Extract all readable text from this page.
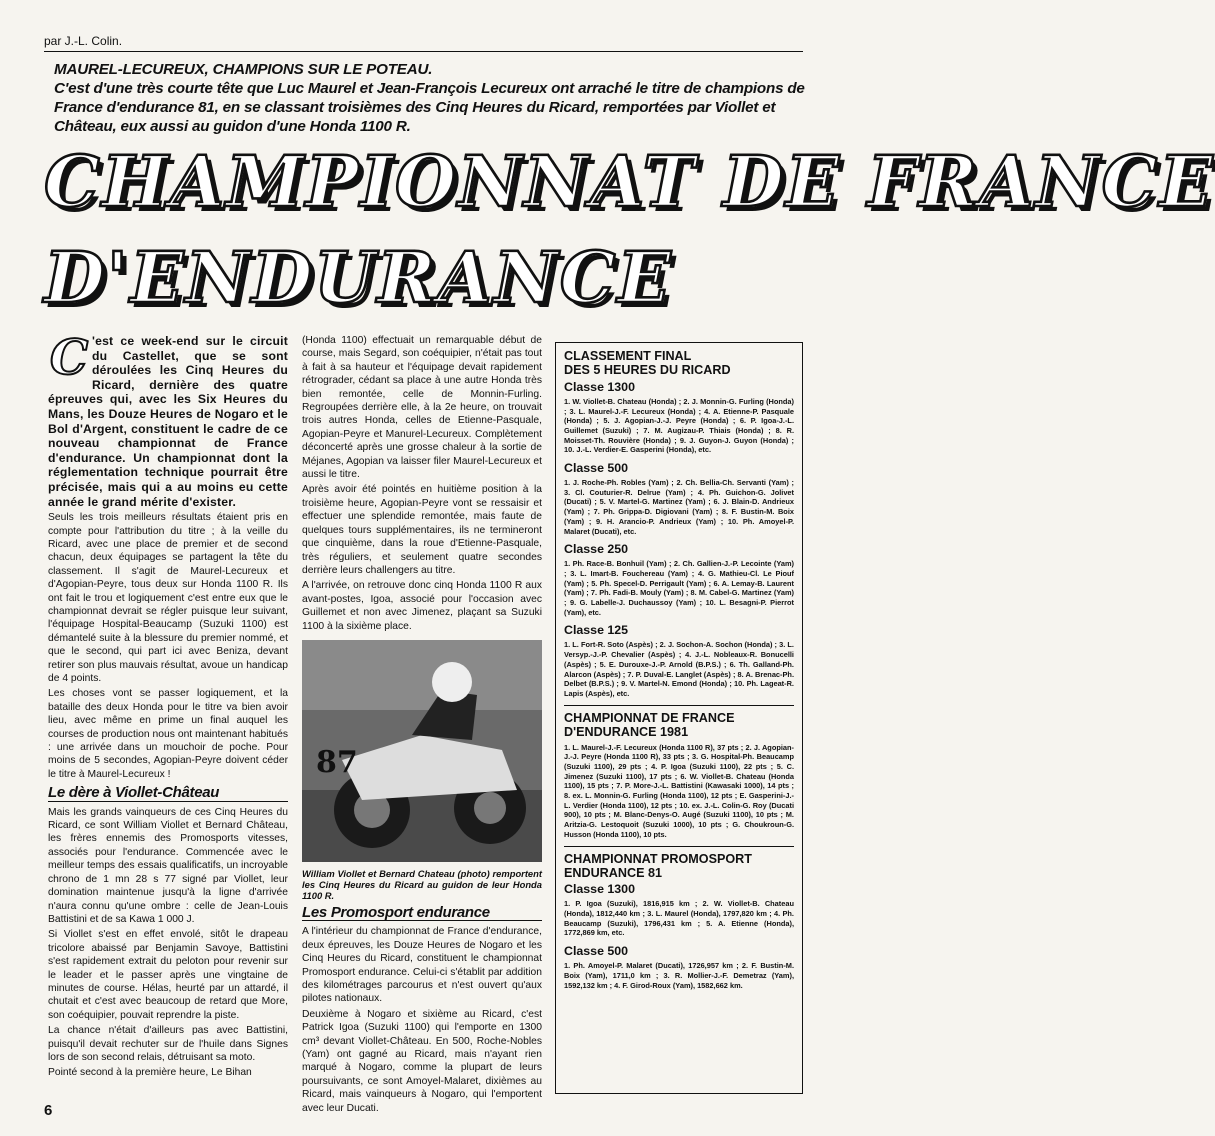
par J.-L. Colin.
MAUREL-LECUREUX, CHAMPIONS SUR LE POTEAU.
C'est d'une très courte tête que Luc Maurel et Jean-François Lecureux ont arraché le titre de champions de France d'endurance 81, en se classant troisièmes des Cinq Heures du Ricard, remportées par Viollet et Château, eux aussi au guidon d'une Honda 1100 R.
CHAMPIONNAT DE FRANCE
D'ENDURANCE
C 'est ce week-end sur le circuit du Castellet, que se sont déroulées les Cinq Heures du Ricard, dernière des quatre épreuves qui, avec les Six Heures du Mans, les Douze Heures de Nogaro et le Bol d'Argent, constituent le cadre de ce nouveau championnat de France d'endurance. Un championnat dont la réglementation technique pourrait être précisée, mais qui a au moins eu cette année le grand mérite d'exister.

Seuls les trois meilleurs résultats étaient pris en compte pour l'attribution du titre ; à la veille du Ricard, avec une place de premier et de second chacun, deux équipages se partagent la tête du classement. Il s'agit de Maurel-Lecureux et d'Agopian-Peyre, tous deux sur Honda 1100 R. Ils ont fait le trou et logiquement c'est entre eux que le championnat devrait se régler puisque leur suivant, l'équipage Hospital-Beaucamp (Suzuki 1100) est démantelé suite à la blessure du premier nommé, et que le second, qui part ici avec Beniza, devant retirer son plus mauvais résultat, avoue un handicap de 4 points.

Les choses vont se passer logiquement, et la bataille des deux Honda pour le titre va bien avoir lieu, avec même en prime un final auquel les courses de production nous ont maintenant habitués : une arrivée dans un mouchoir de poche. Pour moins de 5 secondes, Agopian-Peyre doivent céder le titre à Maurel-Lecureux !

Le dère à Viollet-Château

Mais les grands vainqueurs de ces Cinq Heures du Ricard, ce sont William Viollet et Bernard Château, les frères ennemis des Promosports vitesses, associés pour l'endurance. Commencée avec le meilleur temps des essais qualificatifs, un incroyable chrono de 1 mn 28 s 77 signé par Viollet, leur domination maintenue jusqu'à la ligne d'arrivée n'aura connu qu'une ombre : celle de Jean-Louis Battistini et de sa Kawa 1 000 J.

Si Viollet s'est en effet envolé, sitôt le drapeau tricolore abaissé par Benjamin Savoye, Battistini s'est rapidement extrait du peloton pour revenir sur le leader et le passer après une vingtaine de minutes de course. Hélas, heurté par un attardé, il chutait et c'est avec beaucoup de retard que More, son coéquipier, pouvait reprendre la piste.

La chance n'était d'ailleurs pas avec Battistini, puisqu'il devait rechuter sur de l'huile dans Signes lors de son second relais, détruisant sa moto.

Pointé second à la première heure, Le Bihan

(Honda 1100) effectuait un remarquable début de course, mais Segard, son coéquipier, n'était pas tout à fait à sa hauteur et l'équipage devait rapidement rétrograder, cédant sa place à une autre Honda très bien remontée, celle de Monnin-Furling. Regroupées derrière elle, à la 2e heure, on trouvait trois autres Honda, celles de Etienne-Pasquale, Agopian-Peyre et Manurel-Lecureux. Complètement déconcerté après une grosse chaleur à la sortie de Méjanes, Agopian va laisser filer Maurel-Lecureux et aussi le titre.

Après avoir été pointés en huitième position à la troisième heure, Agopian-Peyre vont se ressaisir et effectuer une splendide remontée, mais faute de quelques tours supplémentaires, ils ne termineront que cinquième, dans la roue d'Etienne-Pasquale, très réguliers, et seulement quatre secondes derrière leurs challengers au titre.

A l'arrivée, on retrouve donc cinq Honda 1100 R aux avant-postes, Igoa, associé pour l'occasion avec Guillemet et non avec Jimenez, plaçant sa Suzuki 1100 à la sixième place.

87
William Viollet et Bernard Chateau (photo) remportent les Cinq Heures du Ricard au guidon de leur Honda 1100 R.
Les Promosport endurance

A l'intérieur du championnat de France d'endurance, deux épreuves, les Douze Heures de Nogaro et les Cinq Heures du Ricard, constituent le championnat Promosport endurance. Celui-ci s'établit par addition des kilométrages parcourus et n'est ouvert qu'aux pilotes nationaux.

Deuxième à Nogaro et sixième au Ricard, c'est Patrick Igoa (Suzuki 1100) qui l'emporte en 1300 cm³ devant Viollet-Château. En 500, Roche-Nobles (Yam) ont gagné au Ricard, mais n'ayant rien marqué à Nogaro, comme la plupart de leurs poursuivants, ce sont Amoyel-Malaret, dixièmes au Ricard, mais vainqueurs à Nogaro, qui l'emportent avec leur Ducati.

CLASSEMENT FINAL
DES 5 HEURES DU RICARD
Classe 1300
1. W. Viollet-B. Chateau (Honda) ; 2. J. Monnin-G. Furling (Honda) ; 3. L. Maurel-J.-F. Lecureux (Honda) ; 4. A. Etienne-P. Pasquale (Honda) ; 5. J. Agopian-J.-J. Peyre (Honda) ; 6. P. Igoa-J.-L. Guillemet (Suzuki) ; 7. M. Augizau-P. Thiais (Honda) ; 8. R. Moisset-Th. Rouvière (Honda) ; 9. J. Guyon-J. Guyon (Honda) ; 10. J.-L. Verdier-E. Gasperini (Honda), etc.
Classe 500
1. J. Roche-Ph. Robles (Yam) ; 2. Ch. Bellia-Ch. Servanti (Yam) ; 3. Cl. Couturier-R. Delrue (Yam) ; 4. Ph. Guichon-G. Jolivet (Ducati) ; 5. V. Martel-G. Martinez (Yam) ; 6. J. Blain-D. Andrieux (Yam) ; 7. Ph. Grippa-D. Digiovani (Yam) ; 8. F. Bustin-M. Boix (Yam) ; 9. H. Arancio-P. Andrieux (Yam) ; 10. Ph. Amoyel-P. Malaret (Ducati), etc.
Classe 250
1. Ph. Race-B. Bonhuil (Yam) ; 2. Ch. Gallien-J.-P. Lecointe (Yam) ; 3. L. Imart-B. Fouchereau (Yam) ; 4. G. Mathieu-Cl. Le Piouf (Yam) ; 5. Ph. Specel-D. Perrigault (Yam) ; 6. A. Lemay-B. Laurent (Yam) ; 7. Ph. Fadi-B. Mouly (Yam) ; 8. M. Cabel-G. Martinez (Yam) ; 9. G. Labelle-J. Duchaussoy (Yam) ; 10. L. Besagni-P. Pierrot (Yam), etc.
Classe 125
1. L. Fort-R. Soto (Aspès) ; 2. J. Sochon-A. Sochon (Honda) ; 3. L. Versyp.-J.-P. Chevalier (Aspès) ; 4. J.-L. Nobleaux-R. Bonucelli (Aspès) ; 5. E. Durouxe-J.-P. Arnold (B.P.S.) ; 6. Th. Galland-Ph. Alarcon (Aspès) ; 7. P. Duval-E. Langlet (Aspès) ; 8. A. Brenac-Ph. Delbet (B.P.S.) ; 9. V. Martel-N. Emond (Honda) ; 10. Ph. Lageat-R. Lapis (Aspès), etc.
CHAMPIONNAT DE FRANCE
D'ENDURANCE 1981
1. L. Maurel-J.-F. Lecureux (Honda 1100 R), 37 pts ; 2. J. Agopian-J.-J. Peyre (Honda 1100 R), 33 pts ; 3. G. Hospital-Ph. Beaucamp (Suzuki 1100), 29 pts ; 4. P. Igoa (Suzuki 1100), 22 pts ; 5. C. Jimenez (Suzuki 1100), 17 pts ; 6. W. Viollet-B. Chateau (Honda 1100), 15 pts ; 7. P. More-J.-L. Battistini (Kawasaki 1000), 14 pts ; 8. ex. L. Monnin-G. Furling (Honda 1100), 12 pts ; E. Gasperini-J.-L. Verdier (Honda 1100), 12 pts ; 10. ex. J.-L. Colin-G. Roy (Ducati 900), 10 pts ; M. Blanc-Denys-O. Augé (Suzuki 1100), 10 pts ; M. Aritzia-G. Lestoquoit (Suzuki 1000), 10 pts ; G. Choukroun-G. Husson (Honda 1100), 10 pts.
CHAMPIONNAT PROMOSPORT
ENDURANCE 81
Classe 1300
1. P. Igoa (Suzuki), 1816,915 km ; 2. W. Viollet-B. Chateau (Honda), 1812,440 km ; 3. L. Maurel (Honda), 1797,820 km ; 4. Ph. Beaucamp (Suzuki), 1796,431 km ; 5. A. Etienne (Honda), 1772,869 km, etc.
Classe 500
1. Ph. Amoyel-P. Malaret (Ducati), 1726,957 km ; 2. F. Bustin-M. Boix (Yam), 1711,0 km ; 3. R. Mollier-J.-F. Demetraz (Yam), 1592,132 km ; 4. F. Girod-Roux (Yam), 1582,662 km.
6
